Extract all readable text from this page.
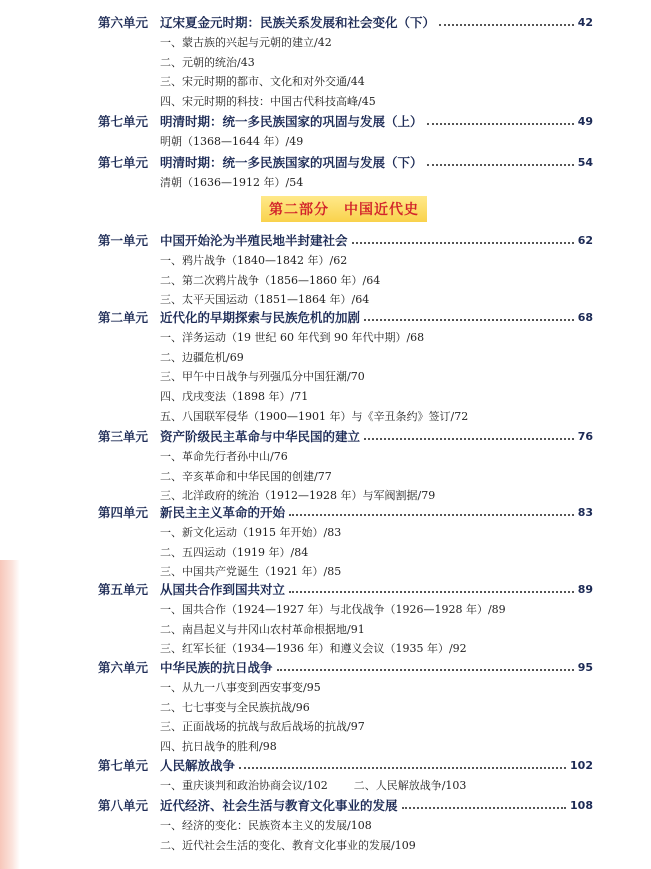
第二部分　中国近代史
第六单元 辽宋夏金元时期：民族关系发展和社会变化（下）	42
一、蒙古族的兴起与元朝的建立/42
二、元朝的统治/43
三、宋元时期的都市、文化和对外交通/44
四、宋元时期的科技：中国古代科技高峰/45
第七单元 明清时期：统一多民族国家的巩固与发展（上）	49
明朝（1368—1644 年）/49
第七单元 明清时期：统一多民族国家的巩固与发展（下）	54
清朝（1636—1912 年）/54
第一单元 中国开始沦为半殖民地半封建社会	62
一、鸦片战争（1840—1842 年）/62
二、第二次鸦片战争（1856—1860 年）/64
三、太平天国运动（1851—1864 年）/64
第二单元 近代化的早期探索与民族危机的加剧	68
一、洋务运动（19 世纪 60 年代到 90 年代中期）/68
二、边疆危机/69
三、甲午中日战争与列强瓜分中国狂潮/70
四、戊戌变法（1898 年）/71
五、八国联军侵华（1900—1901 年）与《辛丑条约》签订/72
第三单元 资产阶级民主革命与中华民国的建立	76
一、革命先行者孙中山/76
二、辛亥革命和中华民国的创建/77
三、北洋政府的统治（1912—1928 年）与军阀割据/79
第四单元 新民主主义革命的开始	83
一、新文化运动（1915 年开始）/83
二、五四运动（1919 年）/84
三、中国共产党诞生（1921 年）/85
第五单元 从国共合作到国共对立	89
一、国共合作（1924—1927 年）与北伐战争（1926—1928 年）/89
二、南昌起义与井冈山农村革命根据地/91
三、红军长征（1934—1936 年）和遵义会议（1935 年）/92
第六单元 中华民族的抗日战争	95
一、从九一八事变到西安事变/95
二、七七事变与全民族抗战/96
三、正面战场的抗战与敌后战场的抗战/97
四、抗日战争的胜利/98
第七单元 人民解放战争	102
一、重庆谈判和政治协商会议/102 二、人民解放战争/103
第八单元 近代经济、社会生活与教育文化事业的发展	108
一、经济的变化：民族资本主义的发展/108
二、近代社会生活的变化、教育文化事业的发展/109
